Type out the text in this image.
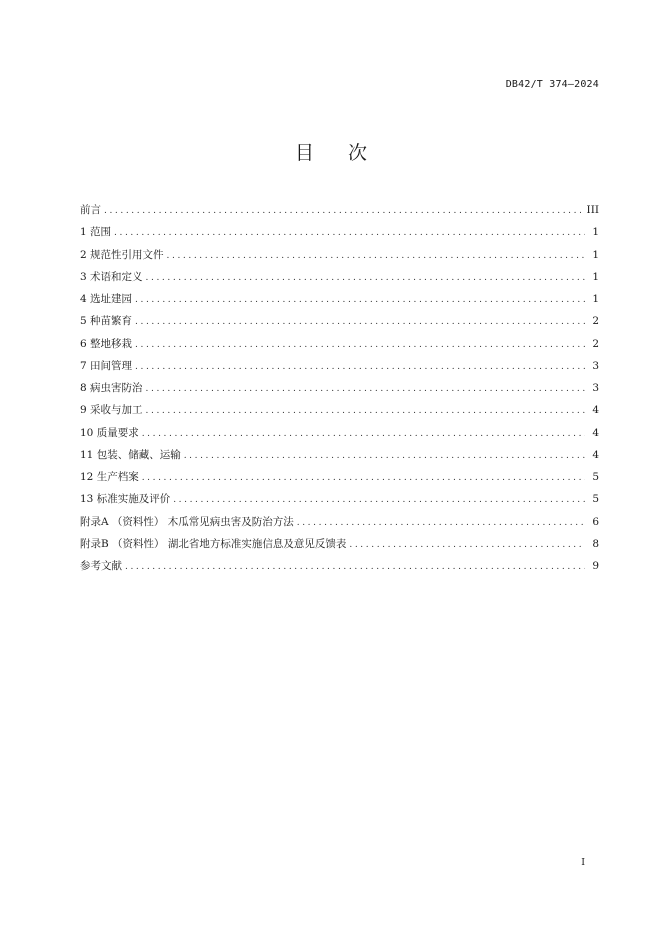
DB42/T 374—2024
目次
前言 .....	III
1 范围 .....	1
2 规范性引用文件 .....	1
3 术语和定义 .....	1
4 选址建园 .....	1
5 种苗繁育 .....	2
6 整地移栽 .....	2
7 田间管理 .....	3
8 病虫害防治 .....	3
9 采收与加工 .....	4
10 质量要求 .....	4
11 包装、储藏、运输 .....	4
12 生产档案 .....	5
13 标准实施及评价 .....	5
附录A （资料性） 木瓜常见病虫害及防治方法 .....	6
附录B （资料性） 湖北省地方标准实施信息及意见反馈表 .....	8
参考文献 .....	9
I
